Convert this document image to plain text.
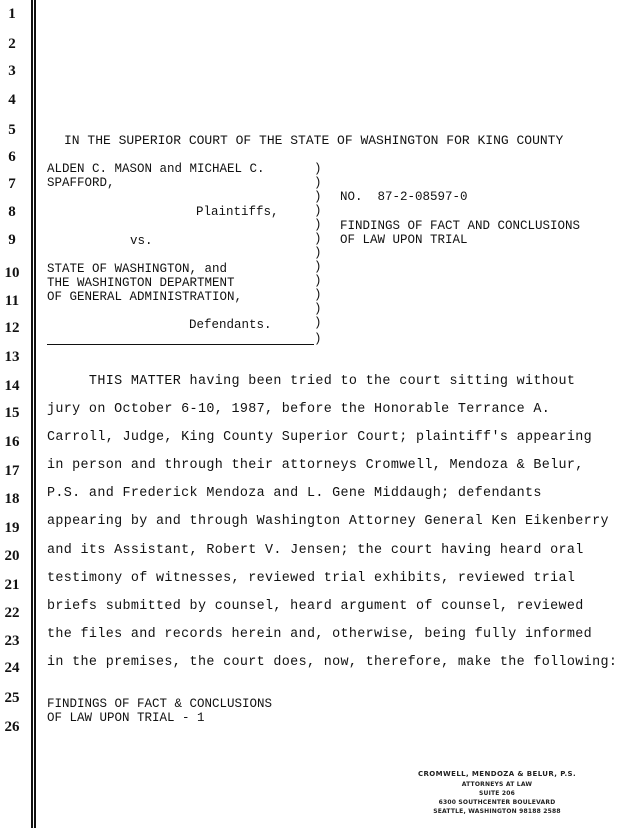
1
2
3
4
5
6
7
8
9
10
11
12
13
14
15
16
17
18
19
20
21
22
23
24
25
26
IN THE SUPERIOR COURT OF THE STATE OF WASHINGTON FOR KING COUNTY
ALDEN C. MASON and MICHAEL C.
SPAFFORD,
Plaintiffs,
vs.
STATE OF WASHINGTON, and
THE WASHINGTON DEPARTMENT
OF GENERAL ADMINISTRATION,
Defendants.
)
)
)
)
)
)
)
)
)
)
)
)
)
NO.  87-2-08597-0
FINDINGS OF FACT AND CONCLUSIONS
OF LAW UPON TRIAL
THIS MATTER having been tried to the court sitting without
jury on October 6-10, 1987, before the Honorable Terrance A.
Carroll, Judge, King County Superior Court; plaintiff's appearing
in person and through their attorneys Cromwell, Mendoza & Belur,
P.S. and Frederick Mendoza and L. Gene Middaugh; defendants
appearing by and through Washington Attorney General Ken Eikenberry
and its Assistant, Robert V. Jensen; the court having heard oral
testimony of witnesses, reviewed trial exhibits, reviewed trial
briefs submitted by counsel, heard argument of counsel, reviewed
the files and records herein and, otherwise, being fully informed
in the premises, the court does, now, therefore, make the following:
FINDINGS OF FACT & CONCLUSIONS
OF LAW UPON TRIAL - 1
CROMWELL, MENDOZA & BELUR, P.S.
ATTORNEYS AT LAW
SUITE 206
6300 SOUTHCENTER BOULEVARD
SEATTLE, WASHINGTON 98188 2588
